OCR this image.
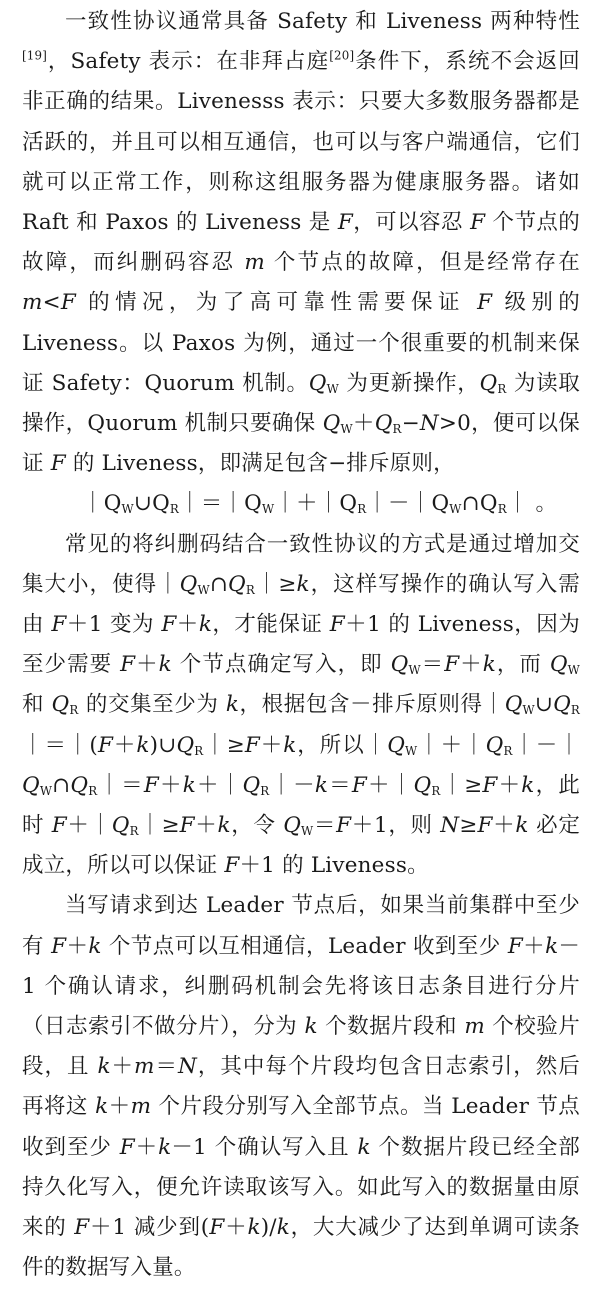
一致性协议通常具备 Safety 和 Liveness 两种特性[19]，Safety 表示：在非拜占庭[20]条件下，系统不会返回非正确的结果。Livenesss 表示：只要大多数服务器都是活跃的，并且可以相互通信，也可以与客户端通信，它们就可以正常工作，则称这组服务器为健康服务器。诸如 Raft 和 Paxos 的 Liveness 是 F，可以容忍 F 个节点的故障，而纠删码容忍 m 个节点的故障，但是经常存在 m<F 的情况，为了高可靠性需要保证 F 级别的 Liveness。以 Paxos 为例，通过一个很重要的机制来保证 Safety：Quorum 机制。$Q_W$ 为更新操作，$Q_R$ 为读取操作，Quorum 机制只要确保 $Q_W+Q_R-N>0$，便可以保证 F 的 Liveness，即满足包含−排斥原则，

$|Q_W\cup Q_R|=|Q_W|+|Q_R|-|Q_W\cap Q_R|$ 。

常见的将纠删码结合一致性协议的方式是通过增加交集大小，使得$|Q_W\cap Q_R|\ge k$，这样写操作的确认写入需由 F＋1 变为 F＋k，才能保证 F＋1 的 Liveness，因为至少需要 F＋k 个节点确定写入，即 $Q_W=F+k$，而 $Q_W$ 和 $Q_R$ 的交集至少为 k，根据包含－排斥原则得$|Q_W\cup Q_R|=|(F+k)\cup Q_R|\ge F+k$，所以$|Q_W|+|Q_R|-|Q_W\cap Q_R|=F+k+|Q_R|-k=F+|Q_R|\ge F+k$，此时 $F+|Q_R|\ge F+k$，令 $Q_W=F+1$，则 N≥F＋k 必定成立，所以可以保证 F＋1 的 Liveness。

当写请求到达 Leader 节点后，如果当前集群中至少有 F＋k 个节点可以互相通信，Leader 收到至少 F＋k－1 个确认请求，纠删码机制会先将该日志条目进行分片（日志索引不做分片），分为 k 个数据片段和 m 个校验片段，且 k＋m＝N，其中每个片段均包含日志索引，然后再将这 k＋m 个片段分别写入全部节点。当 Leader 节点收到至少 F＋k－1 个确认写入且 k 个数据片段已经全部持久化写入，便允许读取该写入。如此写入的数据量由原来的 F＋1 减少到(F＋k)/k，大大减少了达到单调可读条件的数据写入量。
